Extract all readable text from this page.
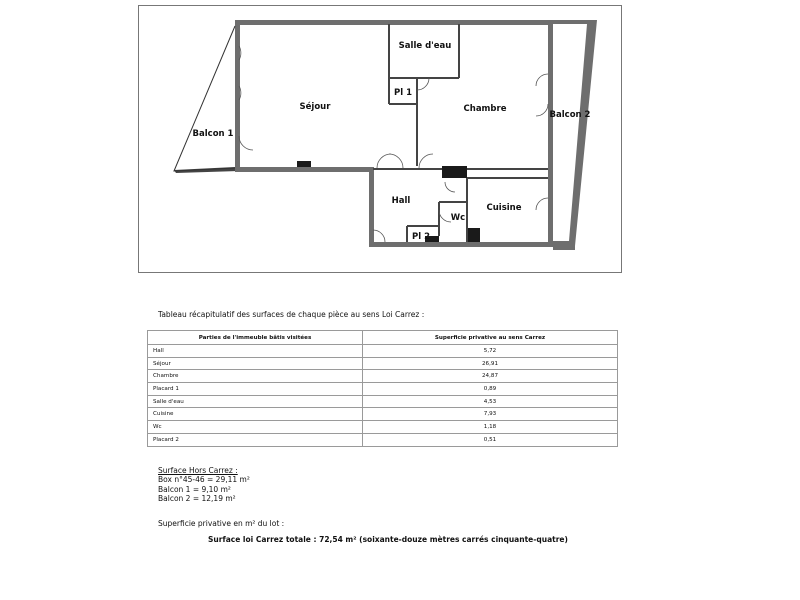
Salle d'eau
Pl 1
Séjour	Chambre
Balcon 1
Balcon 2
Hall
Wc
Cuisine
Pl 2
Tableau récapitulatif des surfaces de chaque pièce au sens Loi Carrez :
Parties de l'immeuble bâtis visitées	Superficie privative au sens Carrez
Hall	5,72
Séjour	26,91
Chambre	24,87
Placard 1	0,89
Salle d'eau	4,53
Cuisine	7,93
Wc	1,18
Placard 2	0,51
Surface Hors Carrez :
Box n°45-46 = 29,11 m²
Balcon 1 = 9,10 m²
Balcon 2 = 12,19 m²
Superficie privative en m² du lot :
Surface loi Carrez totale : 72,54 m² (soixante-douze mètres carrés cinquante-quatre)
